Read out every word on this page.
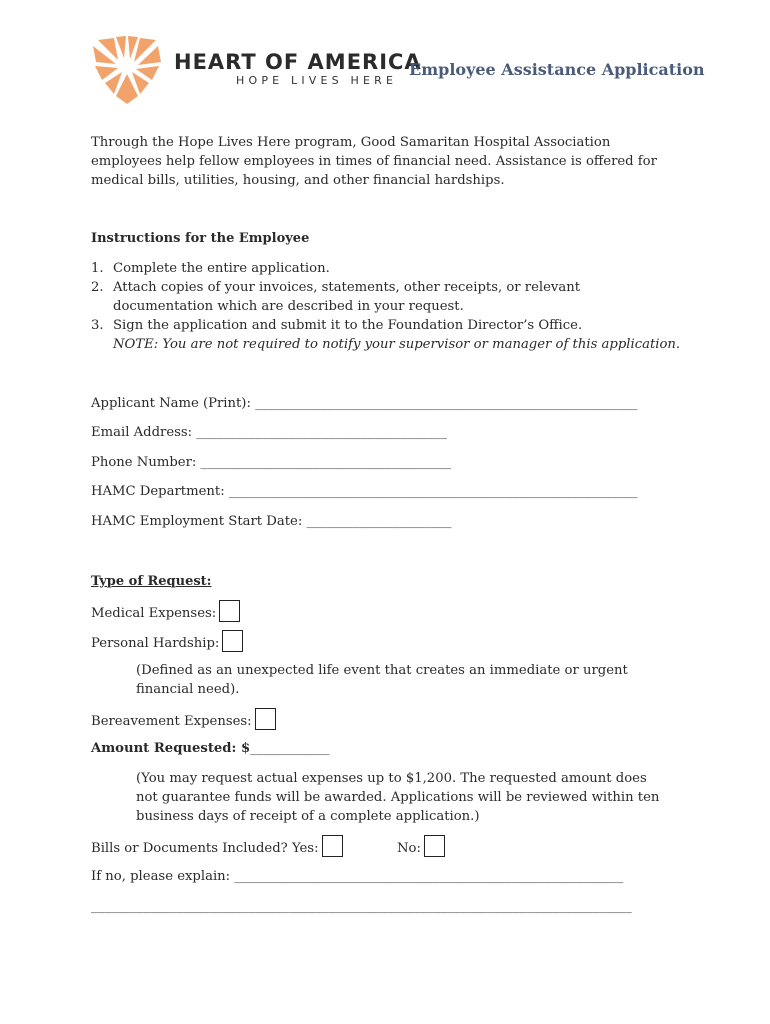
HEART OF AMERICA
HOPE LIVES HERE
Employee Assistance Application
Through the Hope Lives Here program, Good Samaritan Hospital Association
employees help fellow employees in times of financial need. Assistance is offered for
medical bills, utilities, housing, and other financial hardships.
Instructions for the Employee
1. Complete the entire application.
2. Attach copies of your invoices, statements, other receipts, or relevant
documentation which are described in your request.
3. Sign the application and submit it to the Foundation Director’s Office.
NOTE: You are not required to notify your supervisor or manager of this application.
Applicant Name (Print): __________________________________________________________
Email Address: ______________________________________
Phone Number: ______________________________________
HAMC Department: ______________________________________________________________
HAMC Employment Start Date: ______________________
Type of Request:
Medical Expenses:
Personal Hardship:
(Defined as an unexpected life event that creates an immediate or urgent
financial need).
Bereavement Expenses:
Amount Requested: $____________
(You may request actual expenses up to $1,200. The requested amount does
not guarantee funds will be awarded. Applications will be reviewed within ten
business days of receipt of a complete application.)
Bills or Documents Included? Yes:	No:
If no, please explain: ___________________________________________________________
__________________________________________________________________________________
